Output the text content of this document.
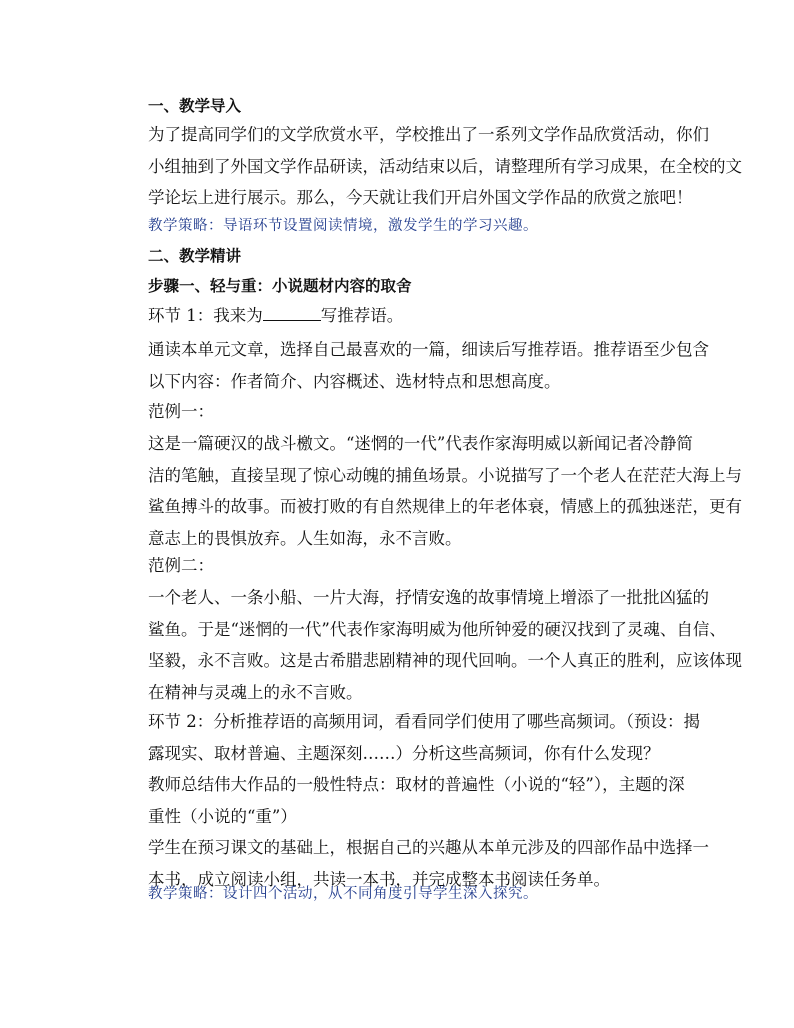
一、教学导入
为了提高同学们的文学欣赏水平，学校推出了一系列文学作品欣赏活动，你们
小组抽到了外国文学作品研读，活动结束以后，请整理所有学习成果，在全校的文
学论坛上进行展示。那么，今天就让我们开启外国文学作品的欣赏之旅吧！
教学策略：导语环节设置阅读情境，激发学生的学习兴趣。
二、教学精讲
步骤一、轻与重：小说题材内容的取舍
环节 1：我来为	写推荐语。
通读本单元文章，选择自己最喜欢的一篇，细读后写推荐语。推荐语至少包含
以下内容：作者简介、内容概述、选材特点和思想高度。
范例一：
这是一篇硬汉的战斗檄文。“迷惘的一代”代表作家海明威以新闻记者冷静简
洁的笔触，直接呈现了惊心动魄的捕鱼场景。小说描写了一个老人在茫茫大海上与
鲨鱼搏斗的故事。而被打败的有自然规律上的年老体衰，情感上的孤独迷茫，更有
意志上的畏惧放弃。人生如海，永不言败。
范例二：
一个老人、一条小船、一片大海，抒情安逸的故事情境上增添了一批批凶猛的
鲨鱼。于是“迷惘的一代”代表作家海明威为他所钟爱的硬汉找到了灵魂、自信、
坚毅，永不言败。这是古希腊悲剧精神的现代回响。一个人真正的胜利，应该体现
在精神与灵魂上的永不言败。
环节 2：分析推荐语的高频用词，看看同学们使用了哪些高频词。（预设：揭
露现实、取材普遍、主题深刻……）分析这些高频词，你有什么发现？
教师总结伟大作品的一般性特点：取材的普遍性（小说的“轻”），主题的深
重性（小说的“重”）
学生在预习课文的基础上，根据自己的兴趣从本单元涉及的四部作品中选择一
本书，成立阅读小组，共读一本书，并完成整本书阅读任务单。
教学策略：设计四个活动，从不同角度引导学生深入探究。
